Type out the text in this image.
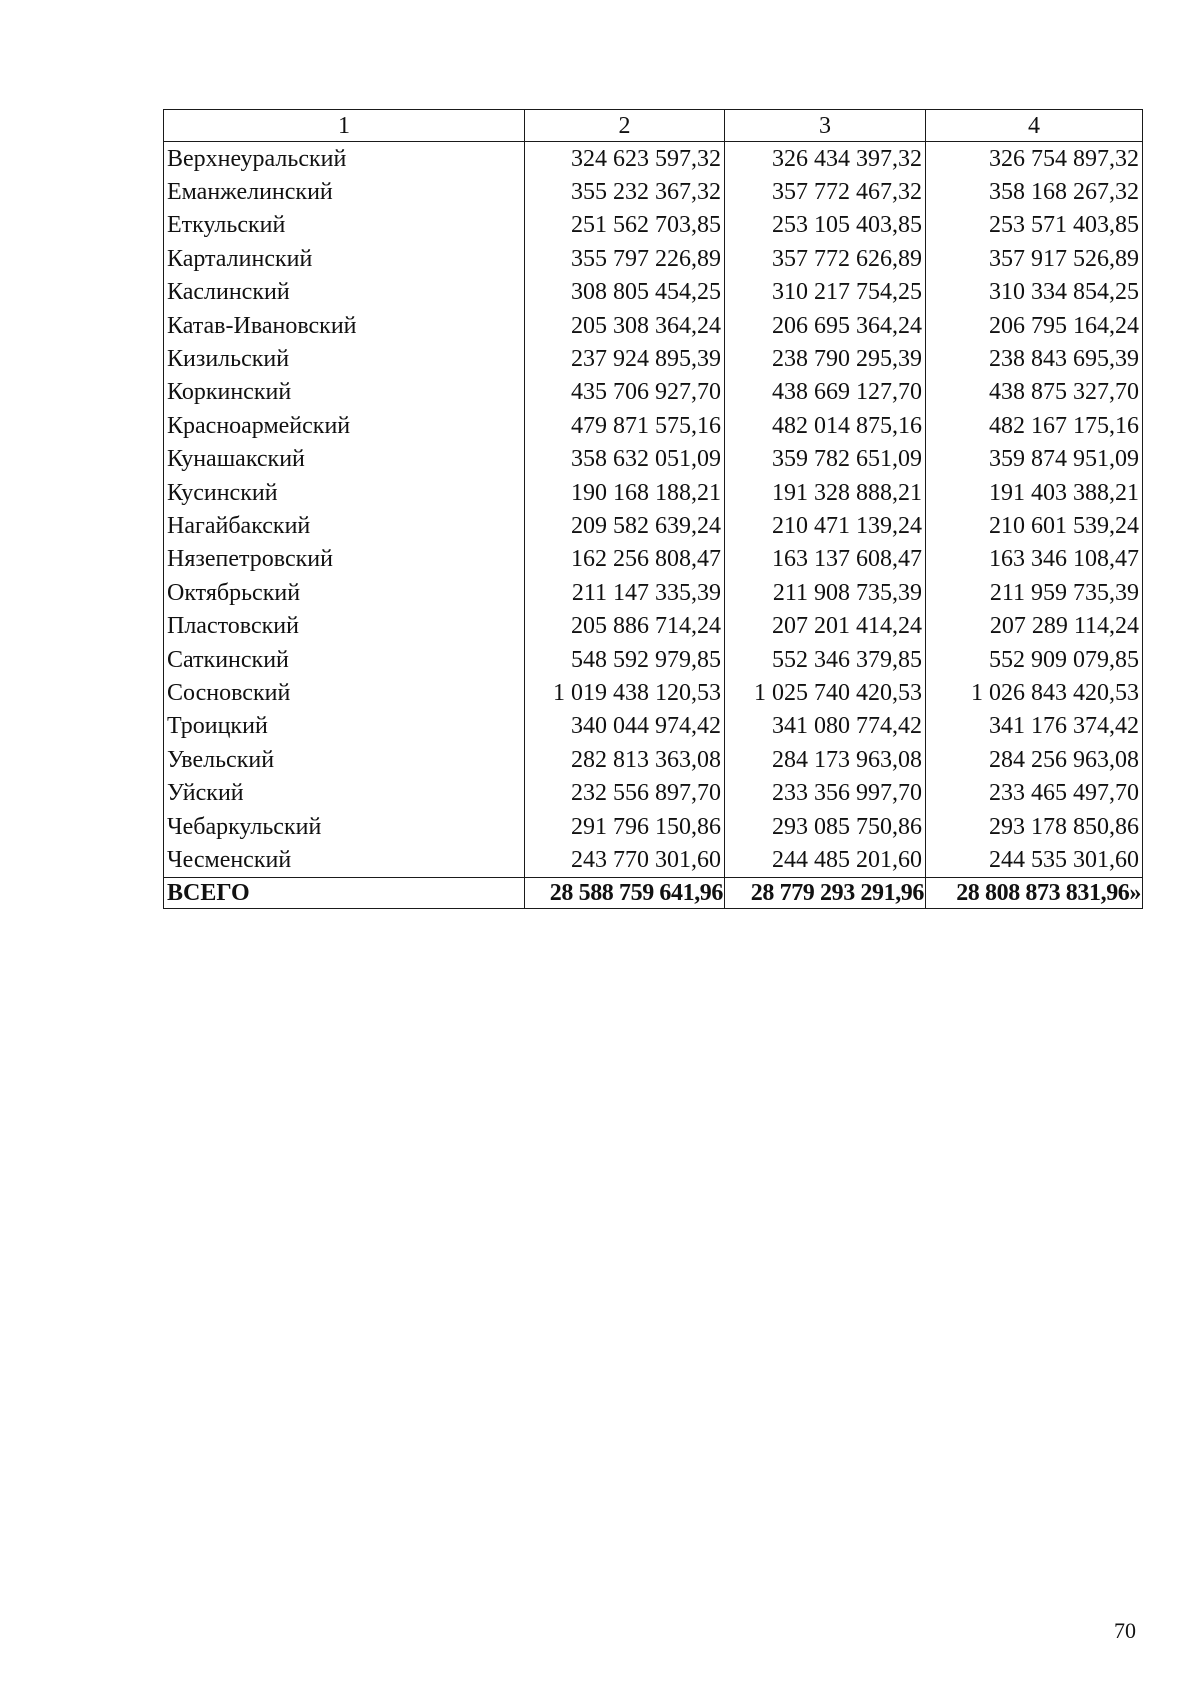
1	2	3	4
Верхнеуральский	324 623 597,32	326 434 397,32	326 754 897,32
Еманжелинский	355 232 367,32	357 772 467,32	358 168 267,32
Еткульский	251 562 703,85	253 105 403,85	253 571 403,85
Карталинский	355 797 226,89	357 772 626,89	357 917 526,89
Каслинский	308 805 454,25	310 217 754,25	310 334 854,25
Катав-Ивановский	205 308 364,24	206 695 364,24	206 795 164,24
Кизильский	237 924 895,39	238 790 295,39	238 843 695,39
Коркинский	435 706 927,70	438 669 127,70	438 875 327,70
Красноармейский	479 871 575,16	482 014 875,16	482 167 175,16
Кунашакский	358 632 051,09	359 782 651,09	359 874 951,09
Кусинский	190 168 188,21	191 328 888,21	191 403 388,21
Нагайбакский	209 582 639,24	210 471 139,24	210 601 539,24
Нязепетровский	162 256 808,47	163 137 608,47	163 346 108,47
Октябрьский	211 147 335,39	211 908 735,39	211 959 735,39
Пластовский	205 886 714,24	207 201 414,24	207 289 114,24
Саткинский	548 592 979,85	552 346 379,85	552 909 079,85
Сосновский	1 019 438 120,53	1 025 740 420,53	1 026 843 420,53
Троицкий	340 044 974,42	341 080 774,42	341 176 374,42
Увельский	282 813 363,08	284 173 963,08	284 256 963,08
Уйский	232 556 897,70	233 356 997,70	233 465 497,70
Чебаркульский	291 796 150,86	293 085 750,86	293 178 850,86
Чесменский	243 770 301,60	244 485 201,60	244 535 301,60
ВСЕГО	28 588 759 641,96	28 779 293 291,96	28 808 873 831,96»
70
